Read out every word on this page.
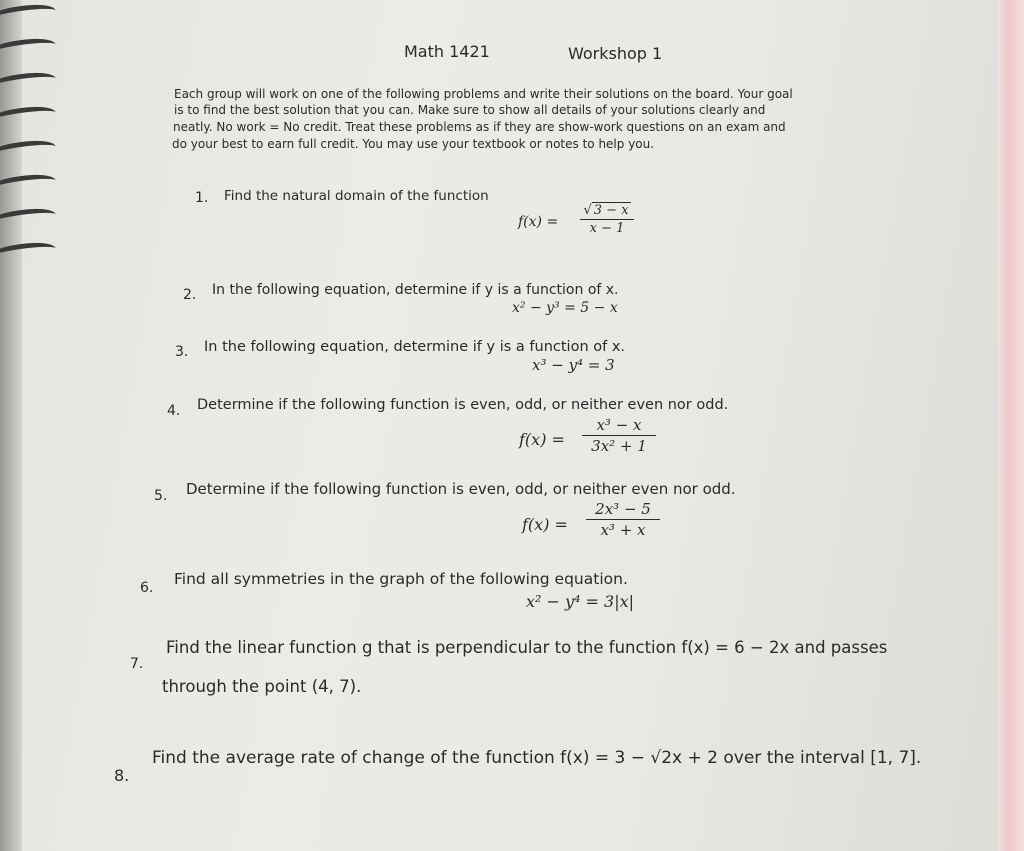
Math 1421	Workshop 1
Each group will work on one of the following problems and write their solutions on the board. Your goal
is to find the best solution that you can. Make sure to show all details of your solutions clearly and
neatly. No work = No credit. Treat these problems as if they are show-work questions on an exam and
do your best to earn full credit. You may use your textbook or notes to help you.
1. Find the natural domain of the function
f(x) =
√ 3 − x
x − 1
2. In the following equation, determine if y is a function of x.
x² − y³ = 5 − x
3. In the following equation, determine if y is a function of x.
x³ − y⁴ = 3
4. Determine if the following function is even, odd, or neither even nor odd.
f(x) =
x³ − x
3x² + 1
5. Determine if the following function is even, odd, or neither even nor odd.
f(x) =
2x³ − 5
x³ + x
6. Find all symmetries in the graph of the following equation.
x² − y⁴ = 3|x|
7.
Find the linear function g that is perpendicular to the function f(x) = 6 − 2x and passes
through the point (4, 7).
8.
Find the average rate of change of the function f(x) = 3 − √2x + 2 over the interval [1, 7].
